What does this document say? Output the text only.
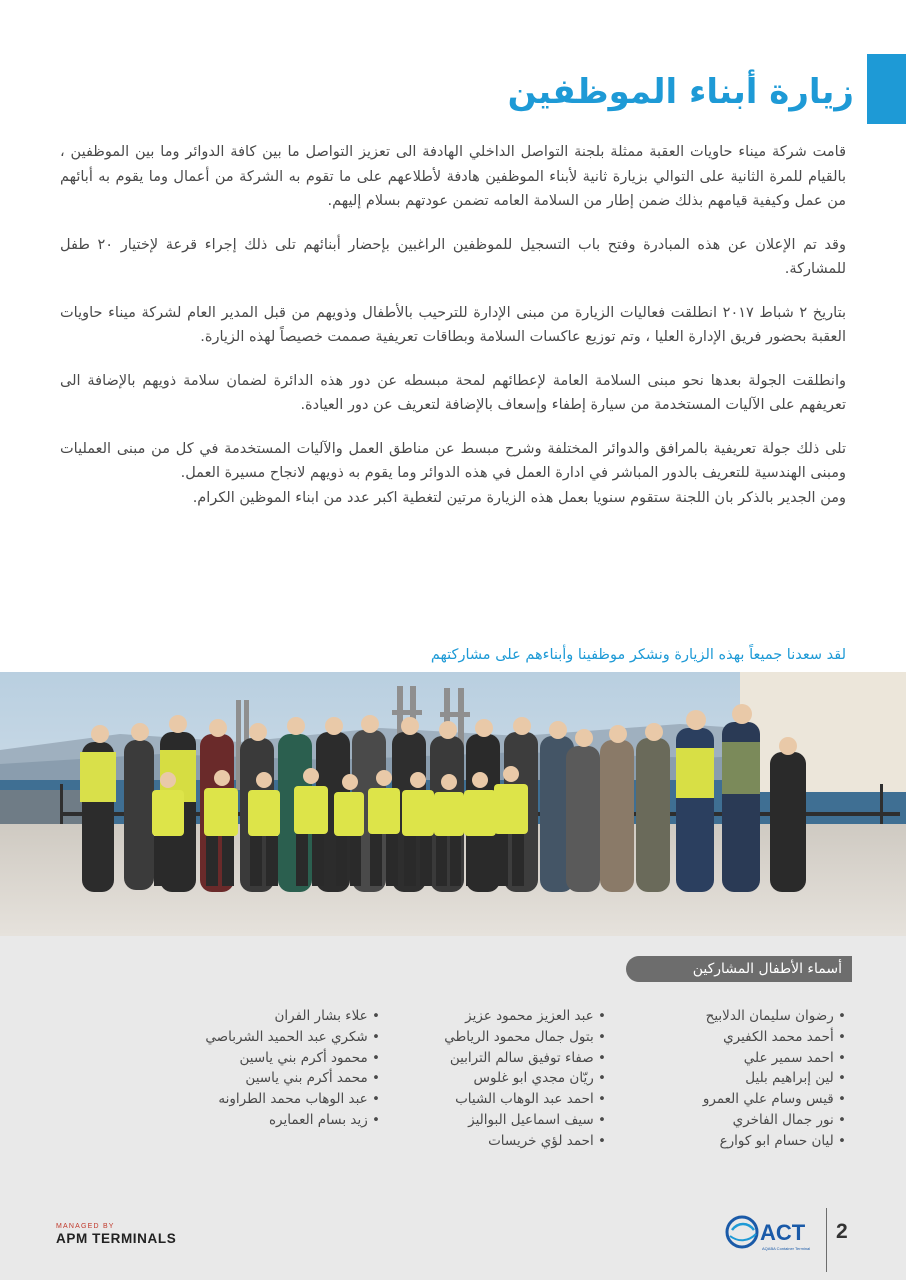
زيارة أبناء الموظفين

قامت شركة ميناء حاويات العقبة ممثلة بلجنة التواصل الداخلي الهادفة الى تعزيز التواصل ما بين كافة الدوائر وما بين الموظفين ، بالقيام للمرة الثانية على التوالي بزيارة ثانية لأبناء الموظفين هادفة لأطلاعهم على ما تقوم به الشركة من أعمال وما يقوم به أبائهم من عمل وكيفية قيامهم بذلك ضمن إطار من السلامة العامه تضمن عودتهم بسلام إليهم.

وقد تم الإعلان عن هذه المبادرة وفتح باب التسجيل للموظفين الراغبين بإحضار أبنائهم تلى ذلك إجراء قرعة لإختيار ٢٠ طفل للمشاركة.

بتاريخ ٢ شباط ٢٠١٧ انطلقت فعاليات الزيارة من مبنى الإدارة للترحيب بالأطفال وذويهم من قبل المدير العام لشركة ميناء حاويات العقبة بحضور فريق الإدارة العليا ، وتم توزيع عاكسات السلامة وبطاقات تعريفية صممت خصيصاً لهذه الزيارة.

وانطلقت الجولة بعدها نحو مبنى السلامة العامة لإعطائهم لمحة مبسطه عن دور هذه الدائرة لضمان سلامة ذويهم بالإضافة الى تعريفهم على الآليات المستخدمة من سيارة إطفاء وإسعاف بالإضافة لتعريف عن دور العيادة.

تلى ذلك جولة تعريفية بالمرافق والدوائر المختلفة وشرح مبسط عن مناطق العمل والآليات المستخدمة في كل من مبنى العمليات ومبنى الهندسية للتعريف بالدور المباشر في ادارة العمل في هذه الدوائر وما يقوم به ذويهم لانجاح مسيرة العمل.

ومن الجدير بالذكر بان اللجنة ستقوم سنويا بعمل هذه الزيارة مرتين لتغطية اكبر عدد من ابناء الموظين الكرام.

لقد سعدنا جميعاً بهذه الزيارة ونشكر موظفينا وأبناءهم على مشاركتهم
أسماء الأطفال المشاركين
• رضوان سليمان الدلابيح
• أحمد محمد الكفيري
• احمد سمير علي
• لين إبراهيم بليل
• قيس وسام علي العمرو
• نور جمال الفاخري
• ليان حسام ابو كوارع
• عبد العزيز محمود عزيز
• بتول جمال محمود الرياطي
• صفاء توفيق سالم الترابين
• ريّان مجدي ابو غلوس
• احمد عبد الوهاب الشياب
• سيف اسماعيل البواليز
• احمد لؤي خريسات
• علاء بشار الفران
• شكري عبد الحميد الشرباصي
• محمود أكرم بني ياسين
• محمد أكرم بني ياسين
• عبد الوهاب محمد الطراونه
• زيد بسام العمايره
MANAGED BY
APM TERMINALS	ACT
AQABA Container Terminal
2
